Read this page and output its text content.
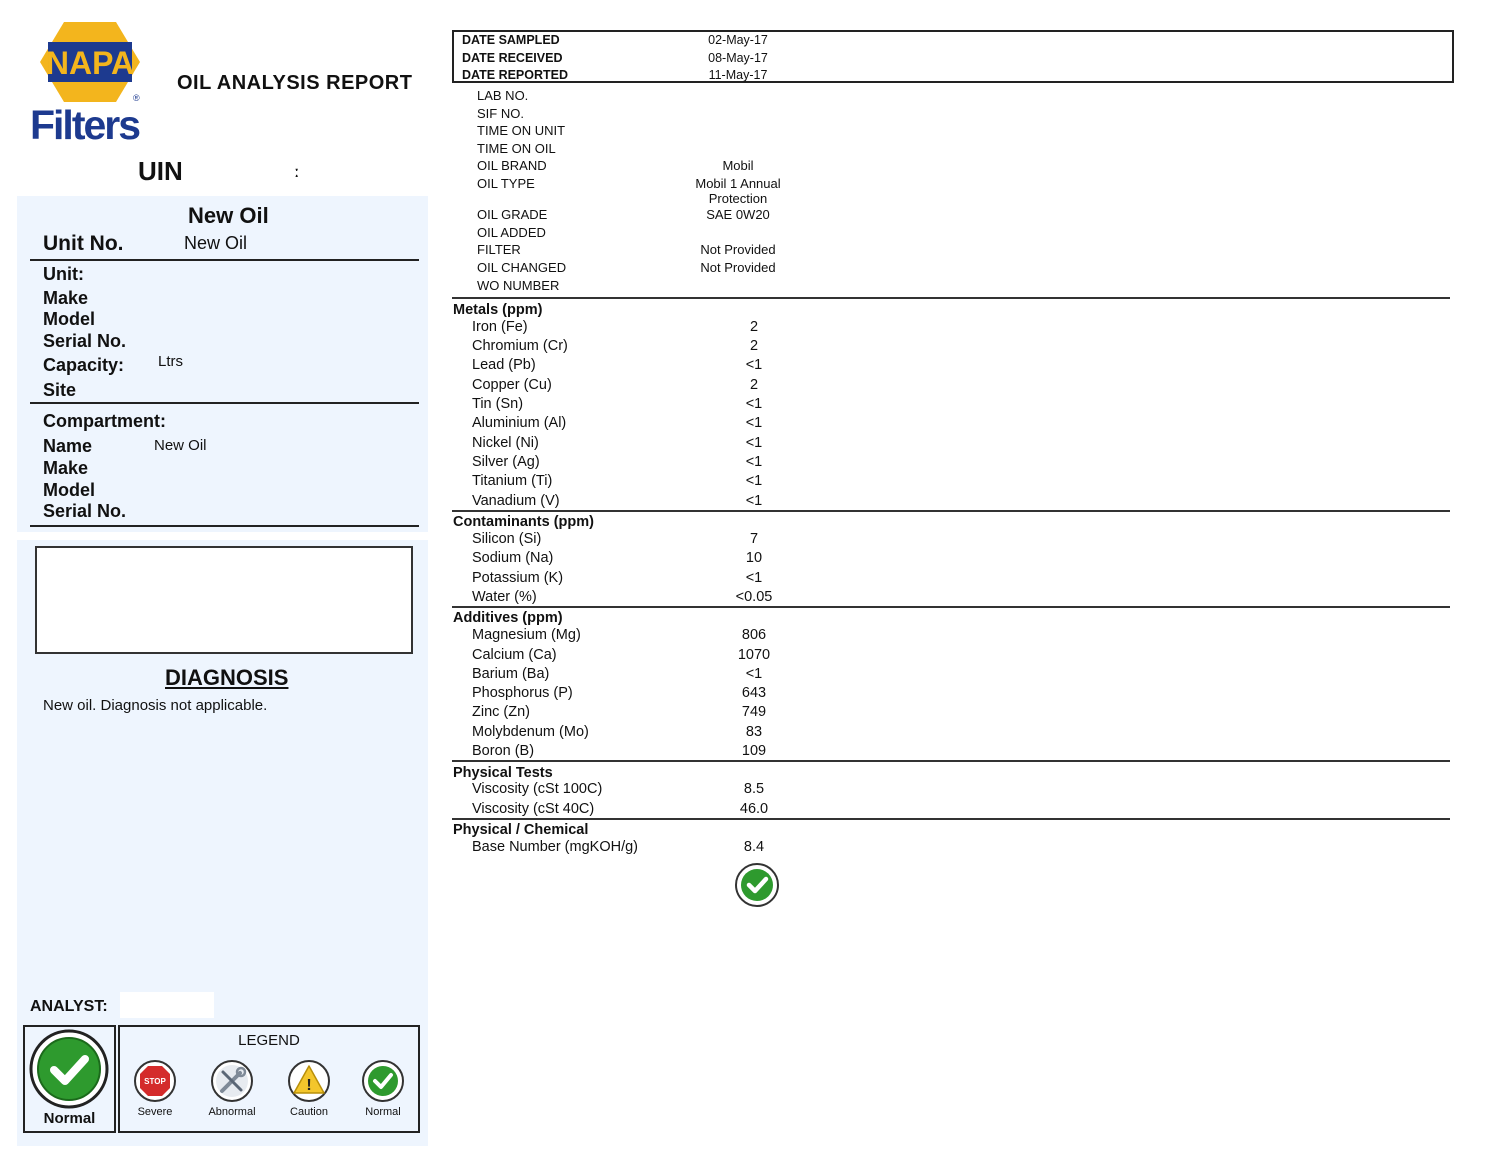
NAPA
®
Filters
OIL ANALYSIS REPORT
UIN	ː
New Oil
Unit No.	New Oil
Unit:
Make
Model
Serial No.
Capacity: Ltrs
Site
Compartment:
Name	New Oil
Make
Model
Serial No.
DIAGNOSIS
New oil. Diagnosis not applicable.
ANALYST:
Normal
LEGEND
STOP
Severe	Abnormal
!
Caution	Normal
DATE SAMPLED	02-May-17
DATE RECEIVED	08-May-17
DATE REPORTED	11-May-17
LAB NO.
SIF NO.
TIME ON UNIT
TIME ON OIL
OIL BRAND	Mobil
OIL TYPE	Mobil 1 Annual Protection
OIL GRADE	SAE 0W20
OIL ADDED
FILTER	Not Provided
OIL CHANGED	Not Provided
WO NUMBER
Metals (ppm)
Iron (Fe)	2
Chromium (Cr)	2
Lead (Pb)	<1
Copper (Cu)	2
Tin (Sn)	<1
Aluminium (Al)	<1
Nickel (Ni)	<1
Silver (Ag)	<1
Titanium (Ti)	<1
Vanadium (V)	<1
Contaminants (ppm)
Silicon (Si)	7
Sodium (Na)	10
Potassium (K)	<1
Water (%)	<0.05
Additives (ppm)
Magnesium (Mg)	806
Calcium (Ca)	1070
Barium (Ba)	<1
Phosphorus (P)	643
Zinc (Zn)	749
Molybdenum (Mo)	83
Boron (B)	109
Physical Tests
Viscosity (cSt 100C)	8.5
Viscosity (cSt 40C)	46.0
Physical / Chemical
Base Number (mgKOH/g)	8.4
